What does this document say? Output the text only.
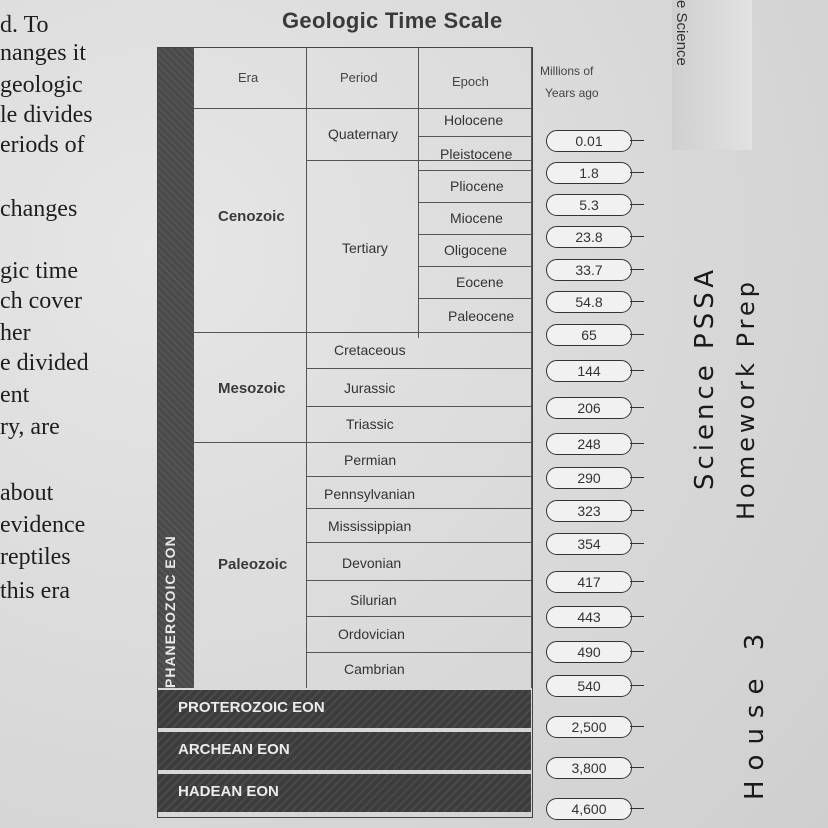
d. To
nanges it
geologic
le divides
eriods of
changes
gic time
ch cover
her
e divided
ent
ry, are
about
evidence
reptiles
this era
Geologic Time Scale
PHANEROZOIC EON
Era	Period	Epoch
Millions of
Years ago
Cenozoic
Mesozoic
Paleozoic
Quaternary
Tertiary
Cretaceous
Jurassic
Triassic
Permian
Pennsylvanian
Mississippian
Devonian
Silurian
Ordovician
Cambrian
Holocene
Pleistocene
Pliocene
Miocene
Oligocene
Eocene
Paleocene
PROTEROZOIC EON
ARCHEAN EON
HADEAN EON
0.01
1.8
5.3
23.8
33.7
54.8
65
144
206
248
290
323
354
417
443
490
540
2,500
3,800
4,600
e Science
Science PSSA Homework Prep
House 3
